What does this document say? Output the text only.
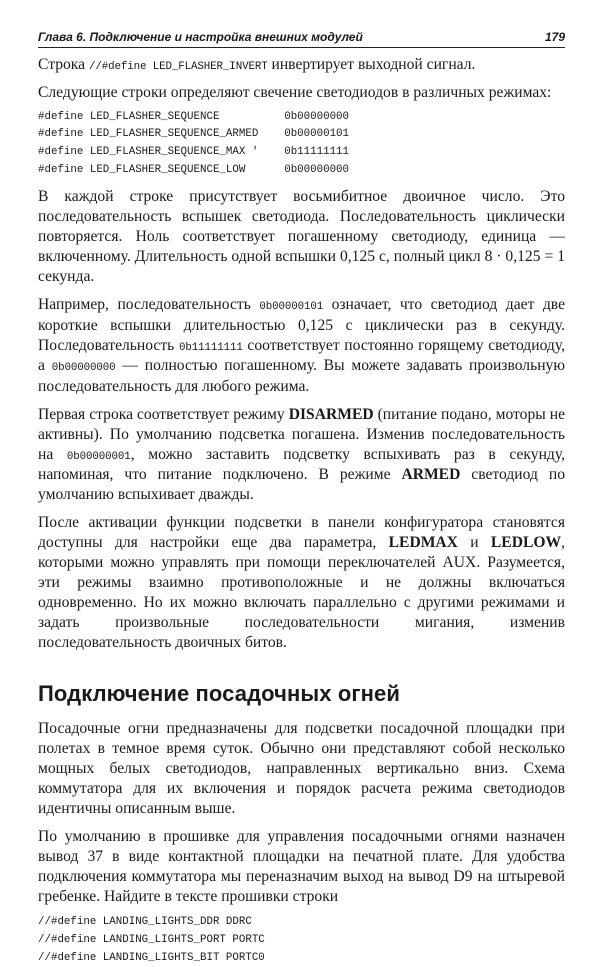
Глава 6. Подключение и настройка внешних модулей	179

Строка //#define LED_FLASHER_INVERT инвертирует выходной сигнал.

Следующие строки определяют свечение светодиодов в различных режимах:

#define LED_FLASHER_SEQUENCE          0b00000000

#define LED_FLASHER_SEQUENCE_ARMED    0b00000101

#define LED_FLASHER_SEQUENCE_MAX '    0b11111111

#define LED_FLASHER_SEQUENCE_LOW      0b00000000

В каждой строке присутствует восьмибитное двоичное число. Это последовательность вспышек светодиода. Последовательность циклически повторяется. Ноль соответствует погашенному светодиоду, единица — включенному. Длительность одной вспышки 0,125 с, полный цикл 8 · 0,125 = 1 секунда.

Например, последовательность 0b00000101 означает, что светодиод дает две короткие вспышки длительностью 0,125 с циклически раз в секунду. Последовательность 0b11111111 соответствует постоянно горящему светодиоду, а 0b00000000 — полностью погашенному. Вы можете задавать произвольную последовательность для любого режима.

Первая строка соответствует режиму DISARMED (питание подано, моторы не активны). По умолчанию подсветка погашена. Изменив последовательность на 0b00000001, можно заставить подсветку вспыхивать раз в секунду, напоминая, что питание подключено. В режиме ARMED светодиод по умолчанию вспыхивает дважды.

После активации функции подсветки в панели конфигуратора становятся доступны для настройки еще два параметра, LEDMAX и LEDLOW, которыми можно управлять при помощи переключателей AUX. Разумеется, эти режимы взаимно противоположные и не должны включаться одновременно. Но их можно включать параллельно с другими режимами и задать произвольные последовательности мигания, изменив последовательность двоичных битов.

Подключение посадочных огней

Посадочные огни предназначены для подсветки посадочной площадки при полетах в темное время суток. Обычно они представляют собой несколько мощных белых светодиодов, направленных вертикально вниз. Схема коммутатора для их включения и порядок расчета режима светодиодов идентичны описанным выше.

По умолчанию в прошивке для управления посадочными огнями назначен вывод 37 в виде контактной площадки на печатной плате. Для удобства подключения коммутатора мы переназначим выход на вывод D9 на штыревой гребенке. Найдите в тексте прошивки строки

//#define LANDING_LIGHTS_DDR DDRC

//#define LANDING_LIGHTS_PORT PORTC

//#define LANDING_LIGHTS_BIT PORTC0
